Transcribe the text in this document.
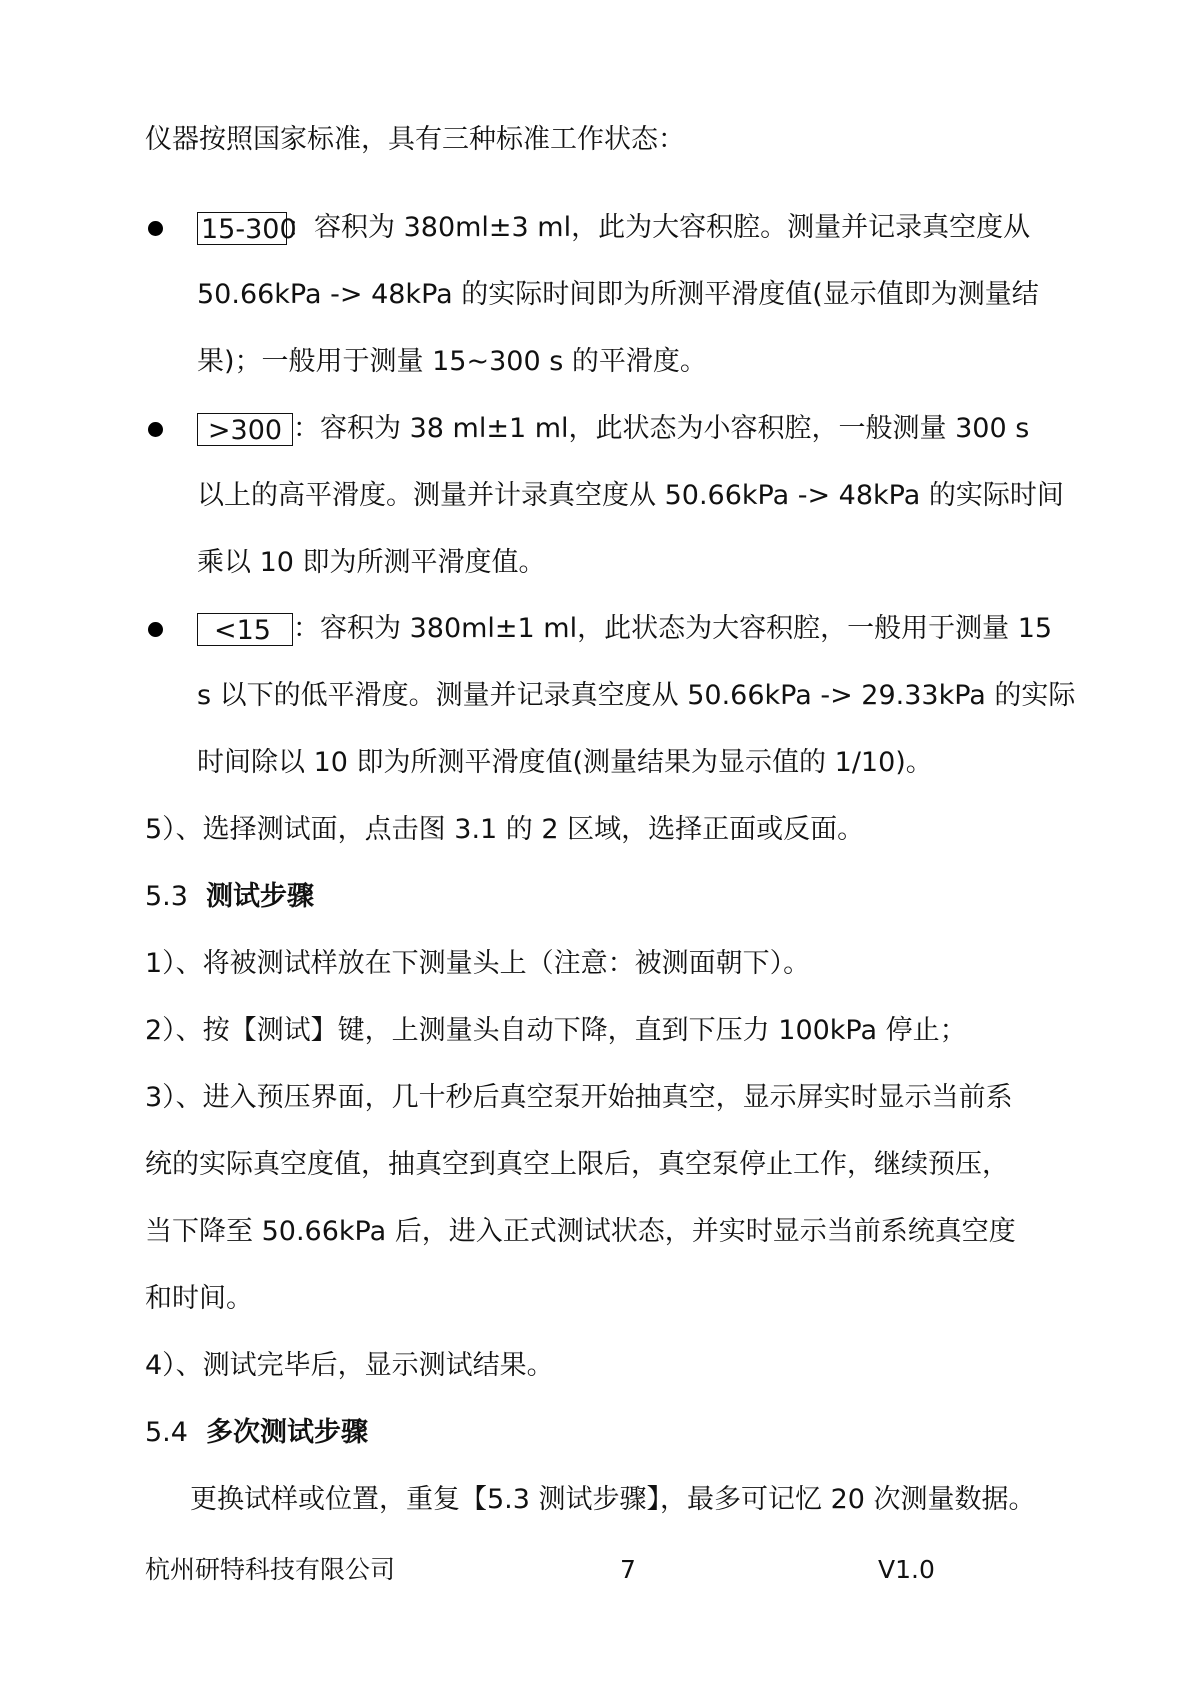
仪器按照国家标准，具有三种标准工作状态：
15-300：容积为 380ml±3 ml，此为大容积腔。测量并记录真空度从
50.66kPa -> 48kPa 的实际时间即为所测平滑度值(显示值即为测量结
果)；一般用于测量 15~300 s 的平滑度。
>300 ：容积为 38 ml±1 ml，此状态为小容积腔，一般测量 300 s
以上的高平滑度。测量并计录真空度从 50.66kPa -> 48kPa 的实际时间
乘以 10 即为所测平滑度值。
<15 ：容积为 380ml±1 ml，此状态为大容积腔，一般用于测量 15
s 以下的低平滑度。测量并记录真空度从 50.66kPa -> 29.33kPa 的实际
时间除以 10 即为所测平滑度值(测量结果为显示值的 1/10)。
5）、选择测试面，点击图 3.1 的 2 区域，选择正面或反面。
5.3 测试步骤
1）、将被测试样放在下测量头上（注意：被测面朝下）。
2）、按【测试】键，上测量头自动下降，直到下压力 100kPa 停止；
3）、进入预压界面，几十秒后真空泵开始抽真空，显示屏实时显示当前系
统的实际真空度值，抽真空到真空上限后，真空泵停止工作，继续预压，
当下降至 50.66kPa 后，进入正式测试状态，并实时显示当前系统真空度
和时间。
4）、测试完毕后，显示测试结果。
5.4 多次测试步骤
更换试样或位置，重复【5.3 测试步骤】，最多可记忆 20 次测量数据。
杭州研特科技有限公司	7	V1.0
